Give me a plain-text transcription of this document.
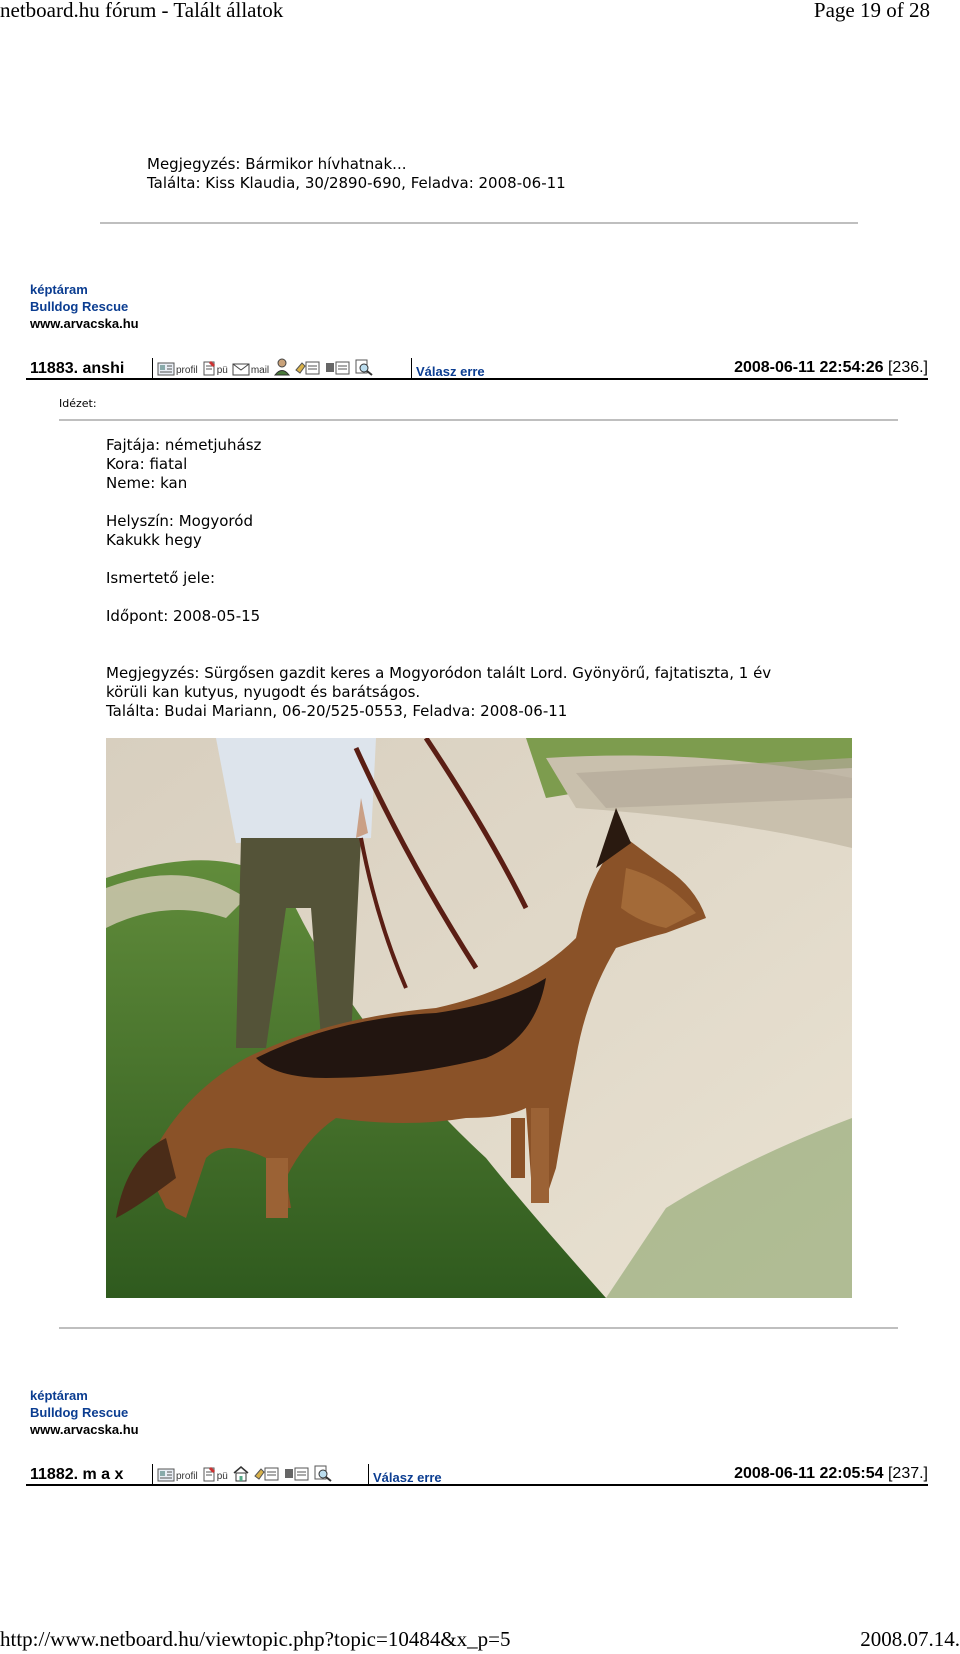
netboard.hu fórum - Talált állatok	Page 19 of 28
Megjegyzés: Bármikor hívhatnak...
Találta: Kiss Klaudia, 30/2890-690, Feladva: 2008-06-11
képtáram
Bulldog Rescue
www.arvacska.hu
11883. anshi	profil pü mail	Válasz erre	2008-06-11 22:54:26 [236.]
Idézet:
Fajtája: németjuhász
Kora: fiatal
Neme: kan
Helyszín: Mogyoród
Kakukk hegy
Ismertető jele:
Időpont: 2008-05-15
Megjegyzés: Sürgősen gazdit keres a Mogyoródon talált Lord. Gyönyörű, fajtatiszta, 1 év
körüli kan kutyus, nyugodt és barátságos.
Találta: Budai Mariann, 06-20/525-0553, Feladva: 2008-06-11
képtáram
Bulldog Rescue
www.arvacska.hu
11882. m a x	profil pü	Válasz erre	2008-06-11 22:05:54 [237.]
http://www.netboard.hu/viewtopic.php?topic=10484&x_p=5	2008.07.14.
